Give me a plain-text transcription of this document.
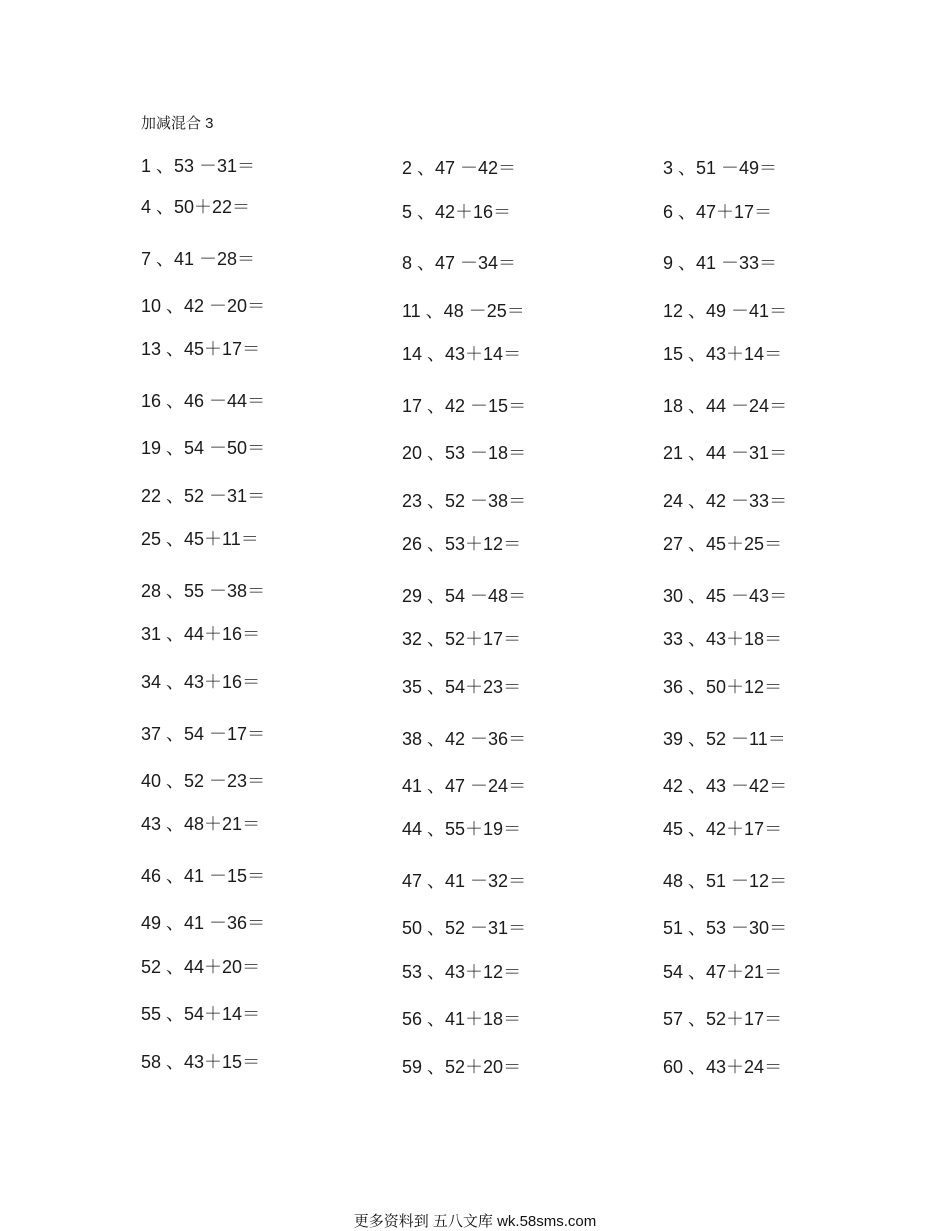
加减混合 3
1 、53 －31＝	2 、47 －42＝	3 、51 －49＝
4 、50＋22＝	5 、42＋16＝	6 、47＋17＝
7 、41 －28＝	8 、47 －34＝	9 、41 －33＝
10 、42 －20＝	11 、48 －25＝	12 、49 －41＝
13 、45＋17＝	14 、43＋14＝	15 、43＋14＝
16 、46 －44＝	17 、42 －15＝	18 、44 －24＝
19 、54 －50＝	20 、53 －18＝	21 、44 －31＝
22 、52 －31＝	23 、52 －38＝	24 、42 －33＝
25 、45＋11＝	26 、53＋12＝	27 、45＋25＝
28 、55 －38＝	29 、54 －48＝	30 、45 －43＝
31 、44＋16＝	32 、52＋17＝	33 、43＋18＝
34 、43＋16＝	35 、54＋23＝	36 、50＋12＝
37 、54 －17＝	38 、42 －36＝	39 、52 －11＝
40 、52 －23＝	41 、47 －24＝	42 、43 －42＝
43 、48＋21＝	44 、55＋19＝	45 、42＋17＝
46 、41 －15＝	47 、41 －32＝	48 、51 －12＝
49 、41 －36＝	50 、52 －31＝	51 、53 －30＝
52 、44＋20＝	53 、43＋12＝	54 、47＋21＝
55 、54＋14＝	56 、41＋18＝	57 、52＋17＝
58 、43＋15＝	59 、52＋20＝	60 、43＋24＝
更多资料到 五八文库 wk.58sms.com
